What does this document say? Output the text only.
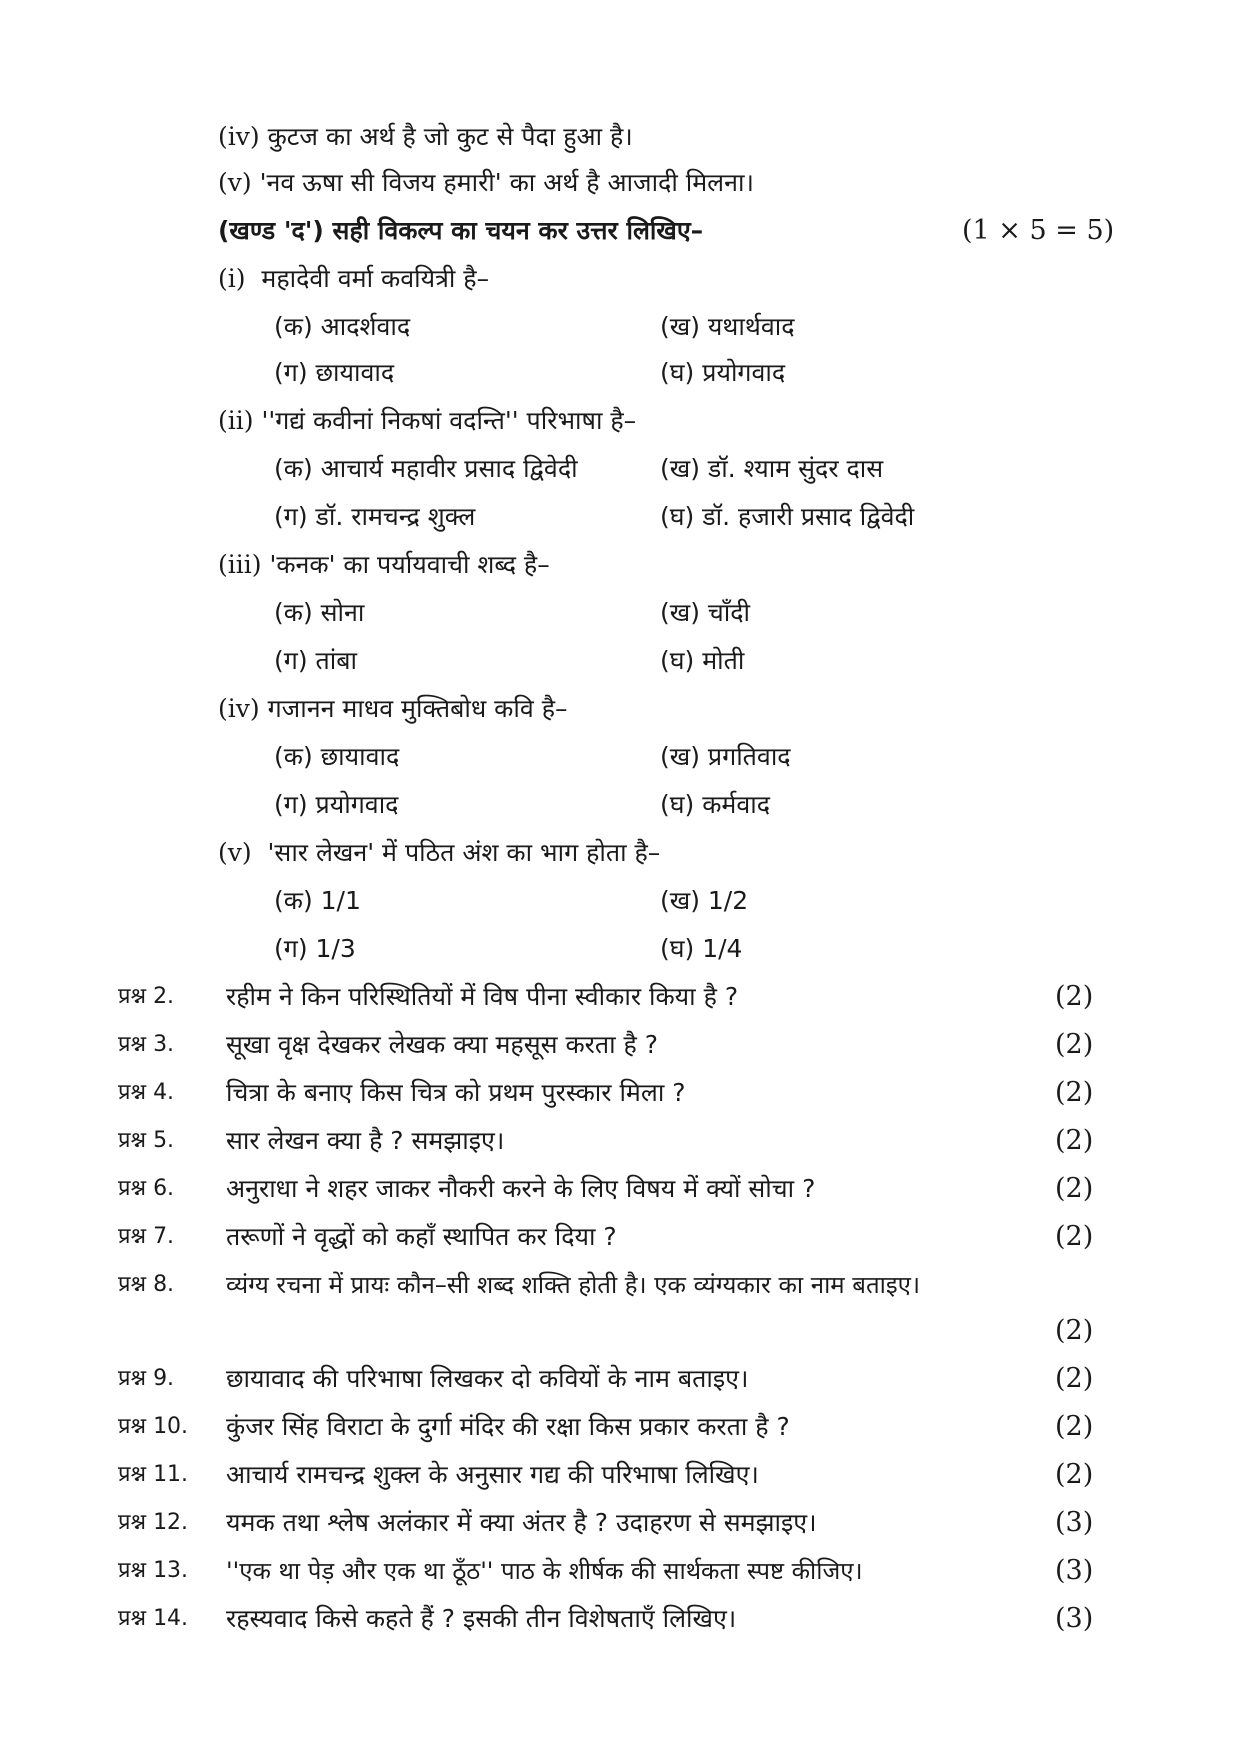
(iv) कुटज का अर्थ है जो कुट से पैदा हुआ है।
(v) 'नव ऊषा सी विजय हमारी' का अर्थ है आजादी मिलना।
(खण्ड 'द') सही विकल्प का चयन कर उत्तर लिखिए–	(1 × 5 = 5)
(i) महादेवी वर्मा कवयित्री है–
(क) आदर्शवाद	(ख) यथार्थवाद
(ग) छायावाद	(घ) प्रयोगवाद
(ii) ''गद्यं कवीनां निकषां वदन्ति'' परिभाषा है–
(क) आचार्य महावीर प्रसाद द्विवेदी	(ख) डॉ. श्याम सुंदर दास
(ग) डॉ. रामचन्द्र शुक्ल	(घ) डॉ. हजारी प्रसाद द्विवेदी
(iii) 'कनक' का पर्यायवाची शब्द है–
(क) सोना	(ख) चाँदी
(ग) तांबा	(घ) मोती
(iv) गजानन माधव मुक्तिबोध कवि है–
(क) छायावाद	(ख) प्रगतिवाद
(ग) प्रयोगवाद	(घ) कर्मवाद
(v) 'सार लेखन' में पठित अंश का भाग होता है–
(क) 1/1	(ख) 1/2
(ग) 1/3	(घ) 1/4
प्रश्न 2. रहीम ने किन परिस्थितियों में विष पीना स्वीकार किया है ?	(2)
प्रश्न 3. सूखा वृक्ष देखकर लेखक क्या महसूस करता है ?	(2)
प्रश्न 4. चित्रा के बनाए किस चित्र को प्रथम पुरस्कार मिला ?	(2)
प्रश्न 5. सार लेखन क्या है ? समझाइए।	(2)
प्रश्न 6. अनुराधा ने शहर जाकर नौकरी करने के लिए विषय में क्यों सोचा ?	(2)
प्रश्न 7. तरूणों ने वृद्धों को कहाँ स्थापित कर दिया ?	(2)
प्रश्न 8. व्यंग्य रचना में प्रायः कौन–सी शब्द शक्ति होती है। एक व्यंग्यकार का नाम बताइए।
(2)
प्रश्न 9. छायावाद की परिभाषा लिखकर दो कवियों के नाम बताइए।	(2)
प्रश्न 10. कुंजर सिंह विराटा के दुर्गा मंदिर की रक्षा किस प्रकार करता है ?	(2)
प्रश्न 11. आचार्य रामचन्द्र शुक्ल के अनुसार गद्य की परिभाषा लिखिए।	(2)
प्रश्न 12. यमक तथा श्लेष अलंकार में क्या अंतर है ? उदाहरण से समझाइए।	(3)
प्रश्न 13. ''एक था पेड़ और एक था ठूँठ'' पाठ के शीर्षक की सार्थकता स्पष्ट कीजिए।	(3)
प्रश्न 14. रहस्यवाद किसे कहते हैं ? इसकी तीन विशेषताएँ लिखिए।	(3)
